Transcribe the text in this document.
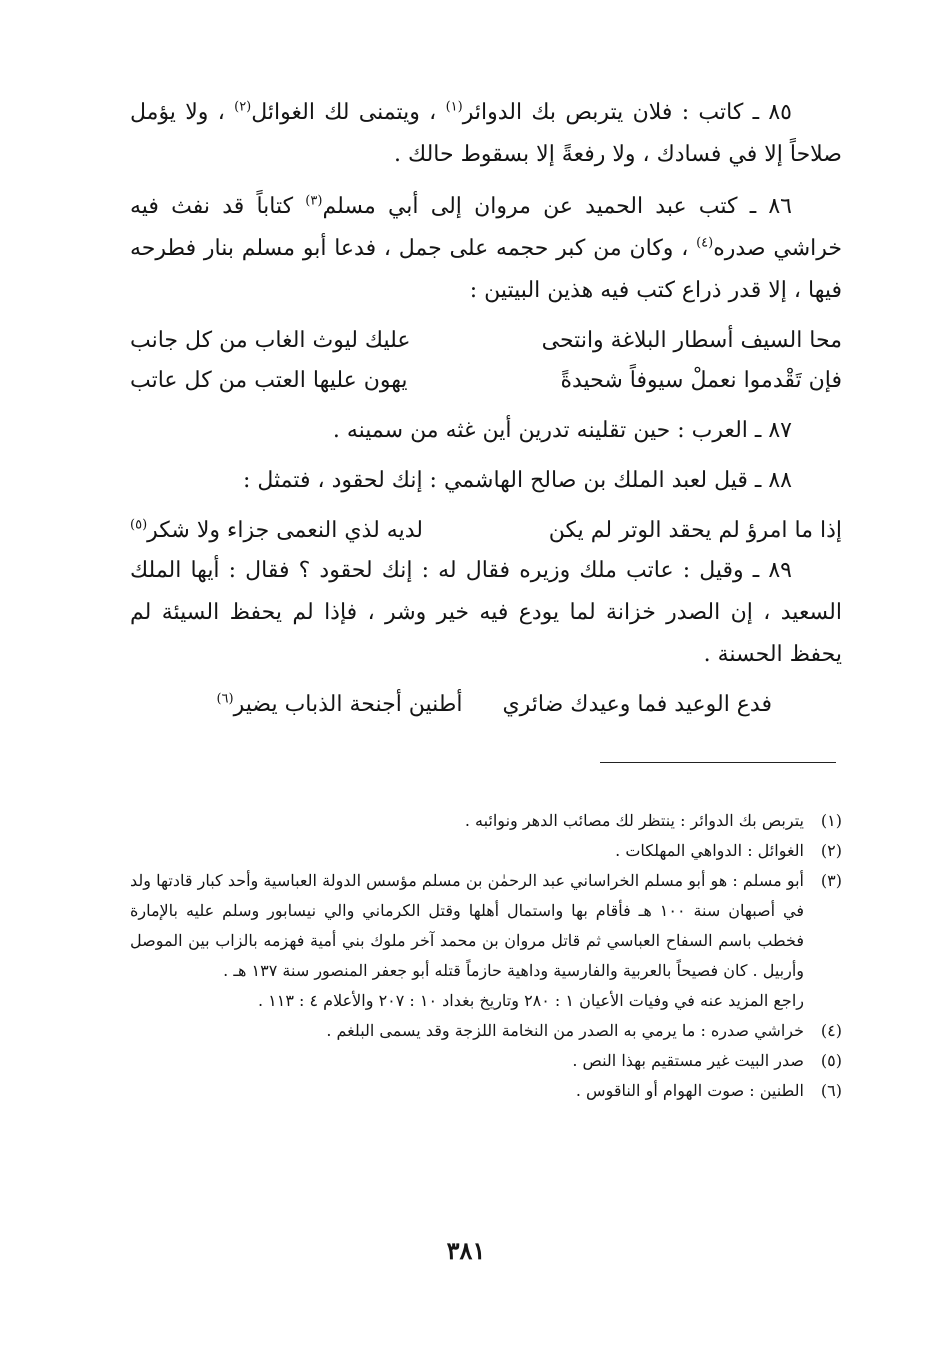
٨٥ ـ كاتب : فلان يتربص بك الدوائر$^{(١)}$ ، ويتمنى لك الغوائل$^{(٢)}$ ، ولا يؤمل صلاحاً إلا في فسادك ، ولا رفعةً إلا بسقوط حالك .

٨٦ ـ كتب عبد الحميد عن مروان إلى أبي مسلم$^{(٣)}$ كتاباً قد نفث فيه خراشي صدره$^{(٤)}$ ، وكان من كبر حجمه على جمل ، فدعا أبو مسلم بنار فطرحه فيها ، إلا قدر ذراع كتب فيه هذين البيتين :

محا السيف أسطار البلاغة وانتحى
عليك ليوث الغاب من كل جانب
فإن تَقْدموا نعملْ سيوفاً شحيدةً
يهون عليها العتب من كل عاتب

٨٧ ـ العرب : حين تقلينه تدرين أين غثه من سمينه .

٨٨ ـ قيل لعبد الملك بن صالح الهاشمي : إنك لحقود ، فتمثل :

إذا ما امرؤ لم يحقد الوتر لم يكن
لديه لذي النعمى جزاء ولا شكر$^{(٥)}$

٨٩ ـ وقيل : عاتب ملك وزيره فقال له : إنك لحقود ؟ فقال : أيها الملك السعيد ، إن الصدر خزانة لما يودع فيه خير وشر ، فإذا لم يحفظ السيئة لم يحفظ الحسنة .

فدع الوعيد فما وعيدك ضائري
أطنين أجنحة الذباب يضير$^{(٦)}$
(١)
يتربص بك الدوائر : ينتظر لك مصائب الدهر ونوائبه .
(٢)
الغوائل : الدواهي المهلكات .
(٣)
أبو مسلم : هو أبو مسلم الخراساني عبد الرحمٰن بن مسلم مؤسس الدولة العباسية وأحد كبار قادتها ولد في أصبهان سنة ١٠٠ هـ فأقام بها واستمال أهلها وقتل الكرماني والي نيسابور وسلم عليه بالإمارة فخطب باسم السفاح العباسي ثم قاتل مروان بن محمد آخر ملوك بني أمية فهزمه بالزاب بين الموصل وأربيل . كان فصيحاً بالعربية والفارسية وداهية حازماً قتله أبو جعفر المنصور سنة ١٣٧ هـ .
راجع المزيد عنه في وفيات الأعيان ١ : ٢٨٠ وتاريخ بغداد ١٠ : ٢٠٧ والأعلام ٤ : ١١٣ .
(٤)
خراشي صدره : ما يرمي به الصدر من النخامة اللزجة وقد يسمى البلغم .
(٥)
صدر البيت غير مستقيم بهذا النص .
(٦)
الطنين : صوت الهوام أو الناقوس .
٣٨١
